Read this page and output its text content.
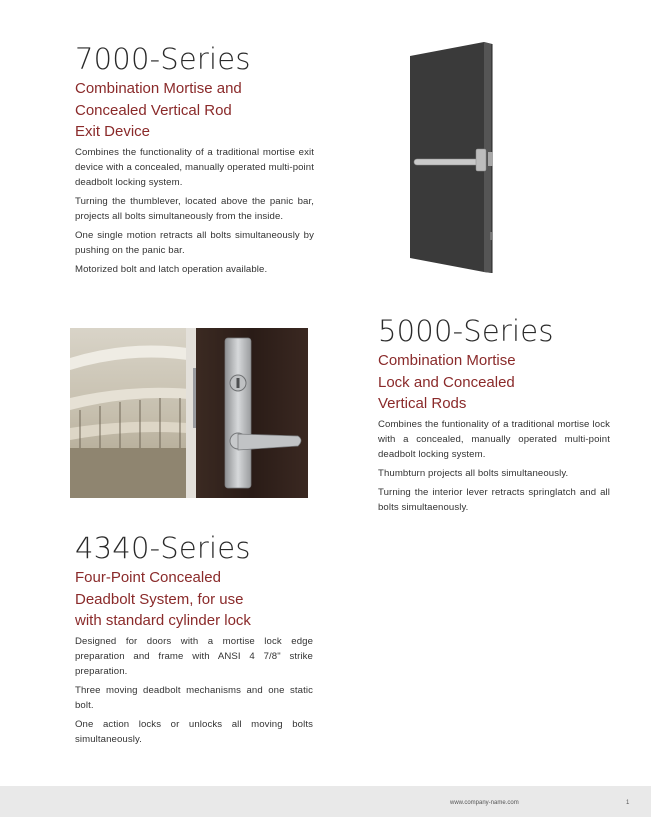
7000-Series
Combination Mortise and
Concealed Vertical Rod
Exit Device

Combines the functionality of a traditional mortise exit device with a concealed, manually operated multi-point deadbolt locking system.

Turning the thumblever, located above the panic bar, projects all bolts simultaneously from the inside.

One single motion retracts all bolts simultaneously by pushing on the panic bar.

Motorized bolt and latch operation available.

5000-Series
Combination Mortise
Lock and Concealed
Vertical Rods

Combines the funtionality of a traditional mortise lock with a concealed, manually operated multi-point deadbolt locking system.

Thumbturn projects all bolts simultaneously.

Turning the interior lever retracts springlatch and all bolts simultaenously.

4340-Series
Four-Point Concealed
Deadbolt System, for use
with standard cylinder lock

Designed for doors with a mortise lock edge preparation and frame with ANSI 4 7/8" strike preparation.

Three moving deadbolt mechanisms and one static bolt.

One action locks or unlocks all moving bolts simultaneously.

www.company-name.com	1
